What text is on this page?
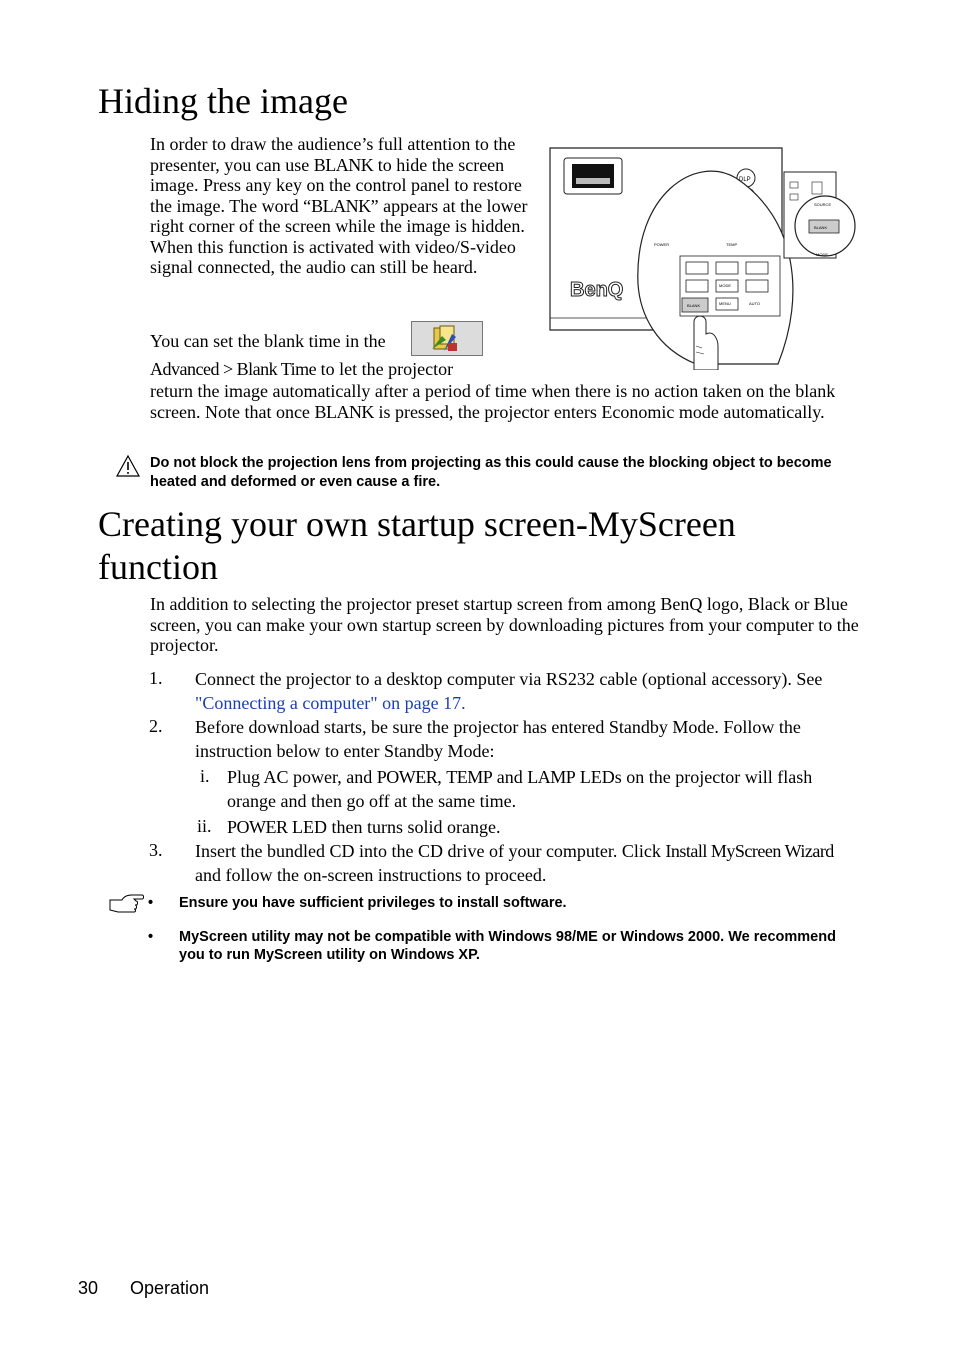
Hiding the image
In order to draw the audience’s full attention to the presenter, you can use BLANK to hide the screen image. Press any key on the control panel to restore the image. The word “BLANK” appears at the lower right corner of the screen while the image is hidden. When this function is activated with video/S-video signal connected, the audio can still be heard.
You can set the blank time in the
Advanced > Blank Time to let the projector
return the image automatically after a period of time when there is no action taken on the blank screen. Note that once BLANK is pressed, the projector enters Economic mode automatically.
DLP
BenQ
POWER	TEMP
BLANK
MODE
MENU	AUTO
SOURCE
BLANK
MODE
Do not block the projection lens from projecting as this could cause the blocking object to become heated and deformed or even cause a fire.
Creating your own startup screen-MyScreen
function
In addition to selecting the projector preset startup screen from among BenQ logo, Black or Blue screen, you can make your own startup screen by downloading pictures from your computer to the projector.
1. Connect the projector to a desktop computer via RS232 cable (optional accessory). See "Connecting a computer" on page 17.
2. Before download starts, be sure the projector has entered Standby Mode. Follow the instruction below to enter Standby Mode:
i. Plug AC power, and POWER, TEMP and LAMP LEDs on the projector will flash orange and then go off at the same time.
ii. POWER LED then turns solid orange.
3. Insert the bundled CD into the CD drive of your computer. Click Install MyScreen Wizard and follow the on-screen instructions to proceed.
• Ensure you have sufficient privileges to install software.
• MyScreen utility may not be compatible with Windows 98/ME or Windows 2000. We recommend you to run MyScreen utility on Windows XP.
30 Operation
